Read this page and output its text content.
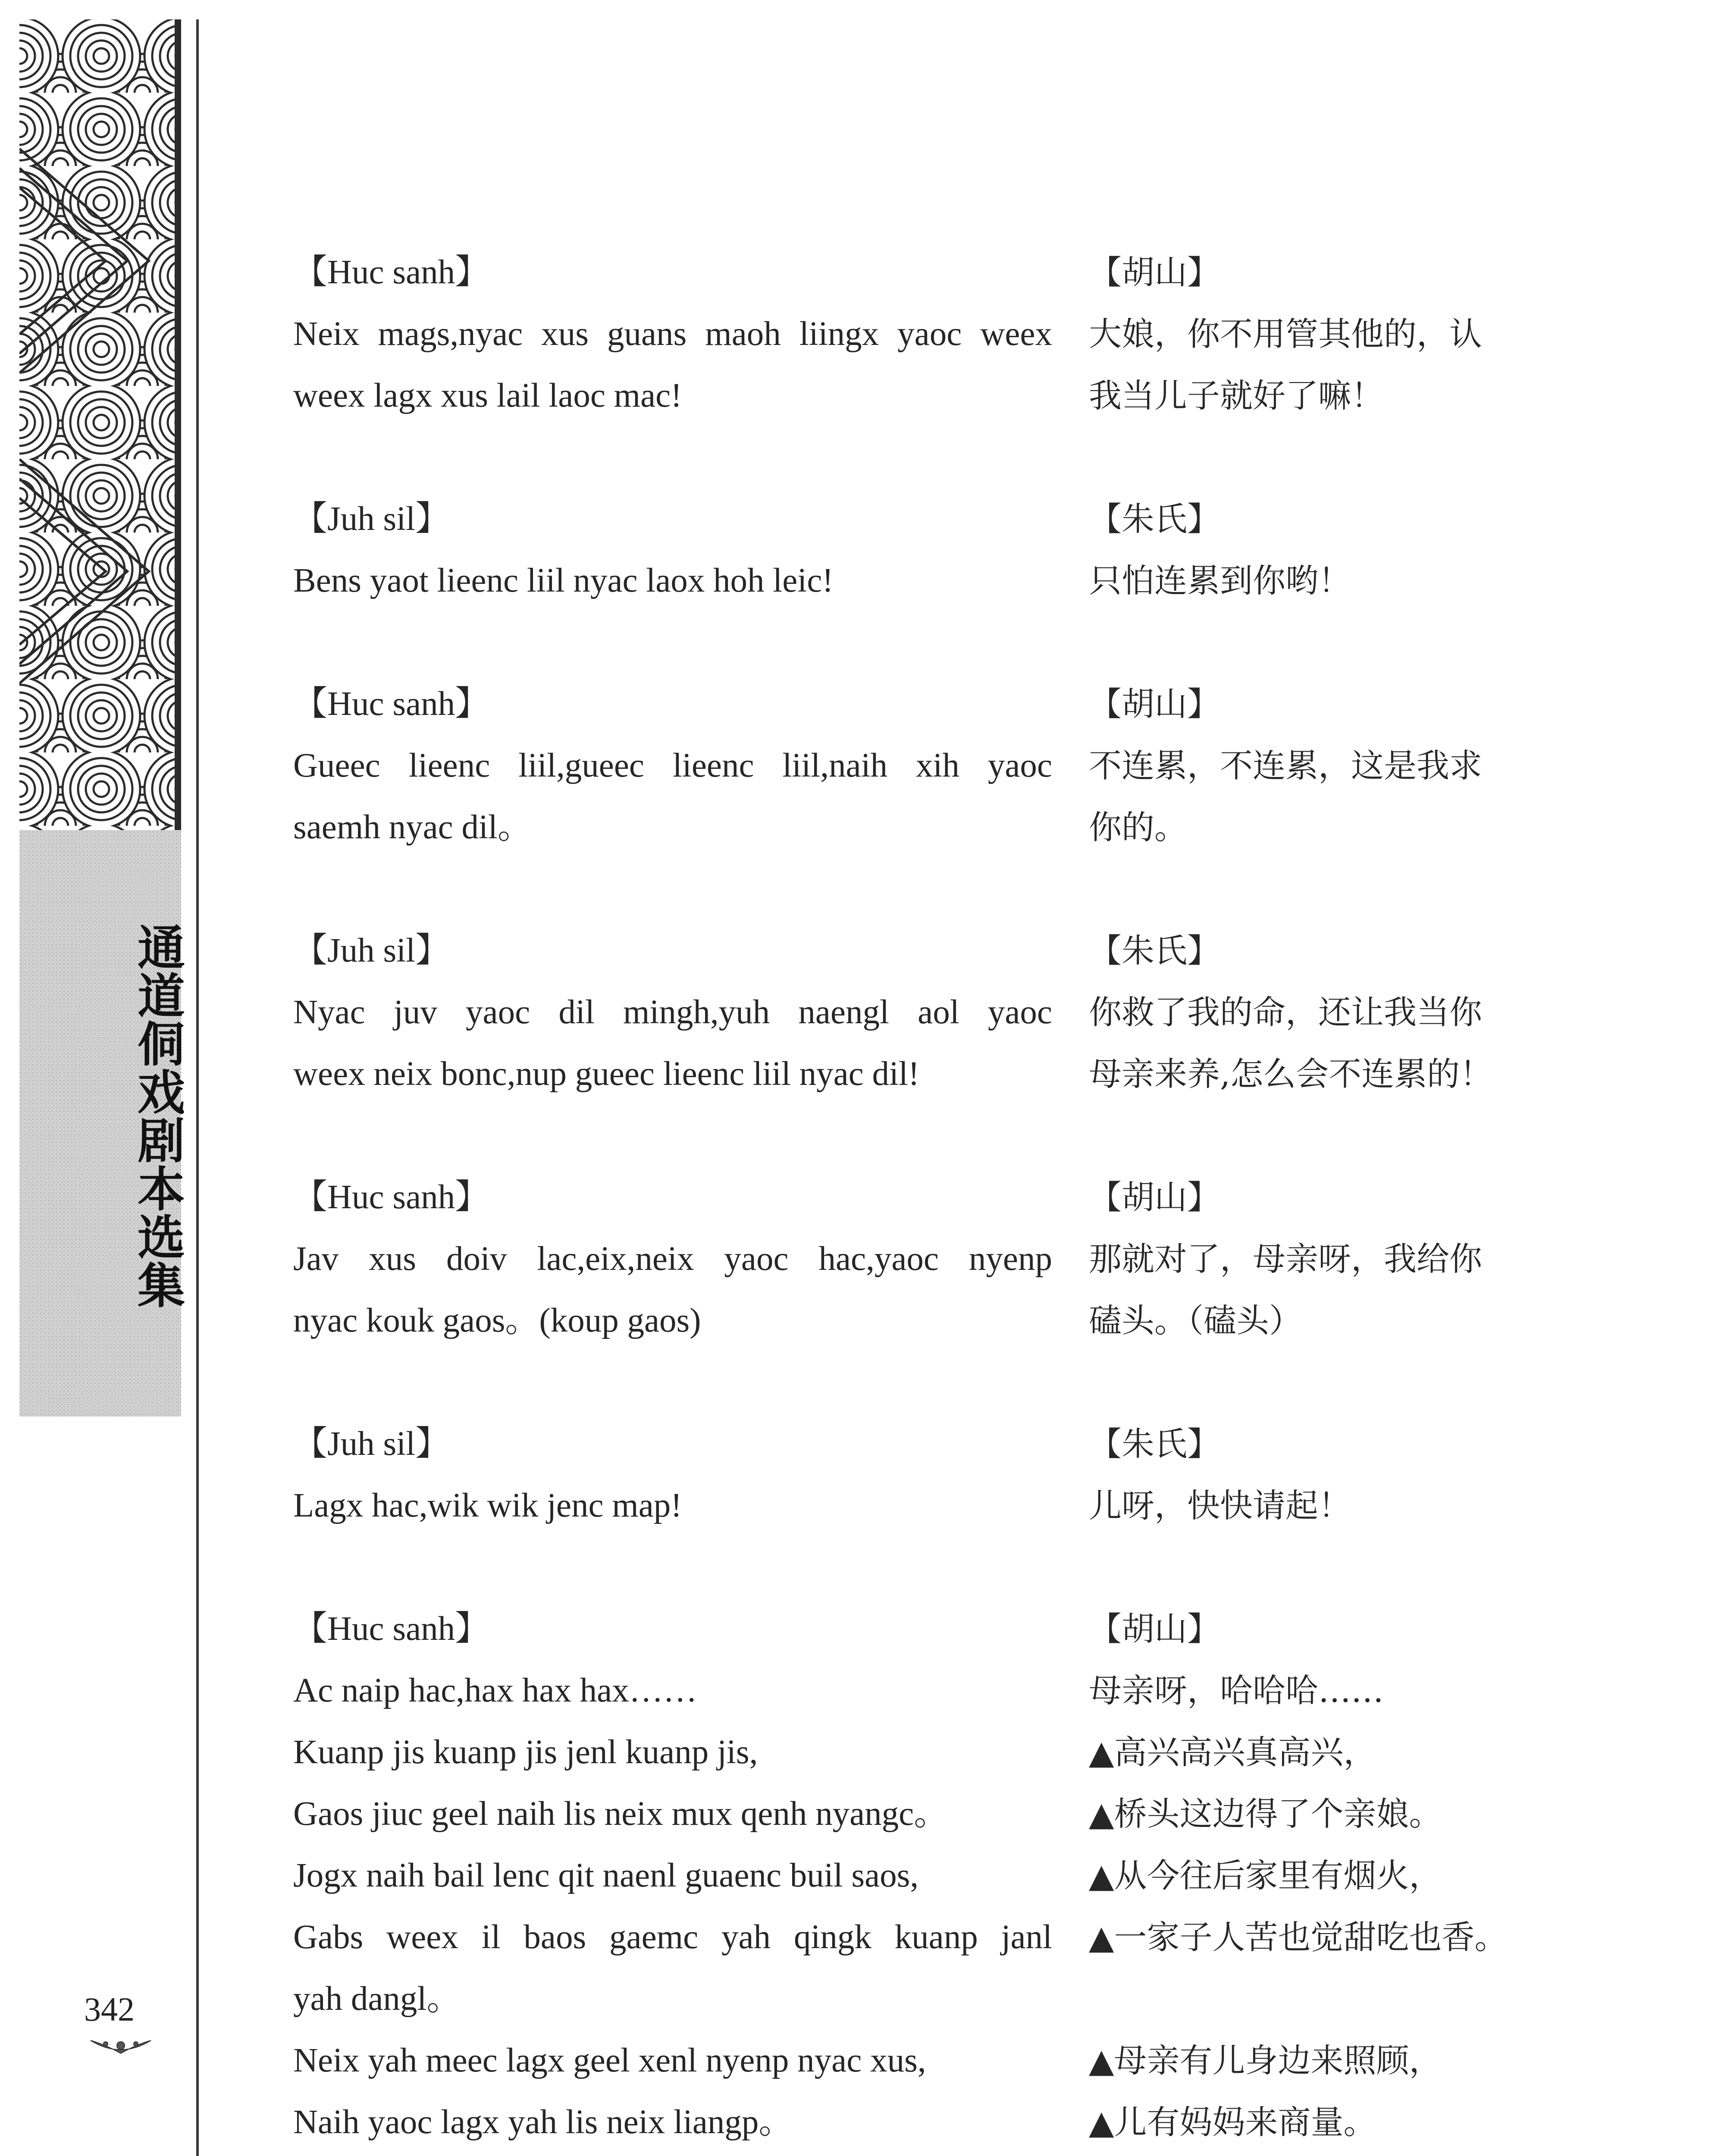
通道侗戏剧本选集
342
【Huc sanh】
Neix mags,nyac xus guans maoh liingx yaoc weex
weex lagx xus lail laoc mac!
【Juh sil】
Bens yaot lieenc liil nyac laox hoh leic!
【Huc sanh】
Gueec lieenc liil,gueec lieenc liil,naih xih yaoc
saemh nyac dil。
【Juh sil】
Nyac juv yaoc dil mingh,yuh naengl aol yaoc
weex neix bonc,nup gueec lieenc liil nyac dil!
【Huc sanh】
Jav xus doiv lac,eix,neix yaoc hac,yaoc nyenp
nyac kouk gaos。(koup gaos)
【Juh sil】
Lagx hac,wik wik jenc map!
【Huc sanh】
Ac naip hac,hax hax hax……
Kuanp jis kuanp jis jenl kuanp jis,
Gaos jiuc geel naih lis neix mux qenh nyangc。
Jogx naih bail lenc qit naenl guaenc buil saos,
Gabs weex il baos gaemc yah qingk kuanp janl
yah dangl。
Neix yah meec lagx geel xenl nyenp nyac xus,
Naih yaoc lagx yah lis neix liangp。
【胡山】
大娘，你不用管其他的，认
我当儿子就好了嘛！
【朱氏】
只怕连累到你哟！
【胡山】
不连累，不连累，这是我求
你的。
【朱氏】
你救了我的命，还让我当你
母亲来养,怎么会不连累的！
【胡山】
那就对了，母亲呀，我给你
磕头。（磕头）
【朱氏】
儿呀，快快请起！
【胡山】
母亲呀，哈哈哈……
▲高兴高兴真高兴，
▲桥头这边得了个亲娘。
▲从今往后家里有烟火，
▲一家子人苦也觉甜吃也香。
▲母亲有儿身边来照顾，
▲儿有妈妈来商量。
